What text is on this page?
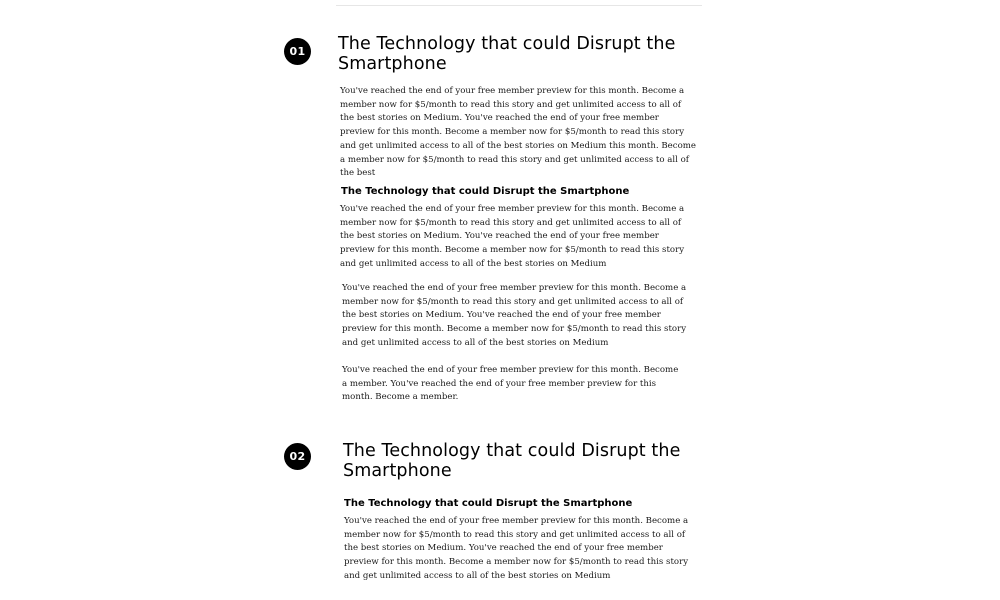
01	The Technology that could Disrupt the Smartphone

You've reached the end of your free member preview for this month. Become a member now for $5/month to read this story and get unlimited access to all of the best stories on Medium. You've reached the end of your free member preview for this month. Become a member now for $5/month to read this story and get unlimited access to all of the best stories on Medium this month. Become a member now for $5/month to read this story and get unlimited access to all of the best

The Technology that could Disrupt the Smartphone

You've reached the end of your free member preview for this month. Become a member now for $5/month to read this story and get unlimited access to all of the best stories on Medium. You've reached the end of your free member preview for this month. Become a member now for $5/month to read this story and get unlimited access to all of the best stories on Medium

You've reached the end of your free member preview for this month. Become a member now for $5/month to read this story and get unlimited access to all of the best stories on Medium. You've reached the end of your free member preview for this month. Become a member now for $5/month to read this story and get unlimited access to all of the best stories on Medium

You've reached the end of your free member preview for this month. Become a member. You've reached the end of your free member preview for this month. Become a member.

02	The Technology that could Disrupt the Smartphone
The Technology that could Disrupt the Smartphone

You've reached the end of your free member preview for this month. Become a member now for $5/month to read this story and get unlimited access to all of the best stories on Medium. You've reached the end of your free member preview for this month. Become a member now for $5/month to read this story and get unlimited access to all of the best stories on Medium
